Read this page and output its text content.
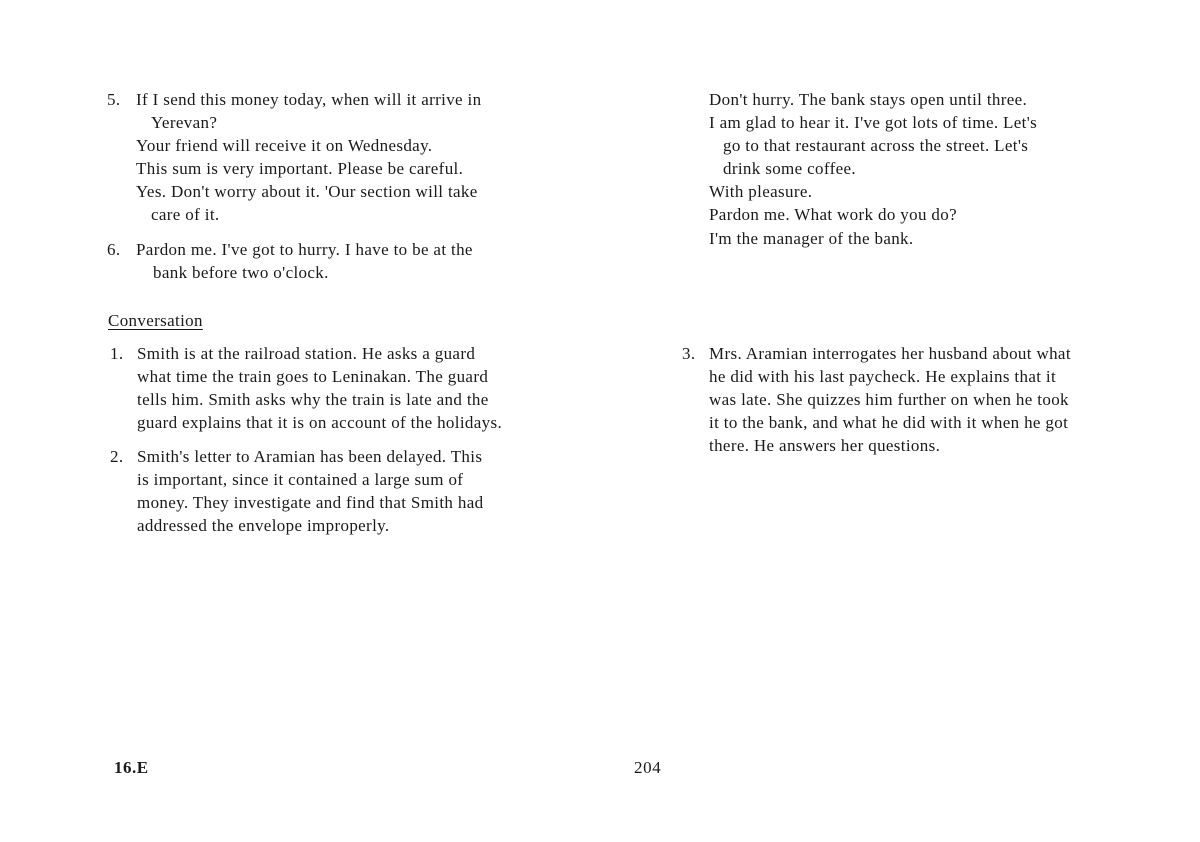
5. If I send this money today, when will it arrive in
Yerevan?
Your friend will receive it on Wednesday.
This sum is very important. Please be careful.
Yes. Don't worry about it. 'Our section will take
care of it.
6. Pardon me. I've got to hurry. I have to be at the
bank before two o'clock.
Conversation
1. Smith is at the railroad station. He asks a guard
what time the train goes to Leninakan. The guard
tells him. Smith asks why the train is late and the
guard explains that it is on account of the holidays.
2. Smith's letter to Aramian has been delayed. This
is important, since it contained a large sum of
money. They investigate and find that Smith had
addressed the envelope improperly.
Don't hurry. The bank stays open until three.
I am glad to hear it. I've got lots of time. Let's
go to that restaurant across the street. Let's
drink some coffee.
With pleasure.
Pardon me. What work do you do?
I'm the manager of the bank.
3. Mrs. Aramian interrogates her husband about what
he did with his last paycheck. He explains that it
was late. She quizzes him further on when he took
it to the bank, and what he did with it when he got
there. He answers her questions.
16.E	204
